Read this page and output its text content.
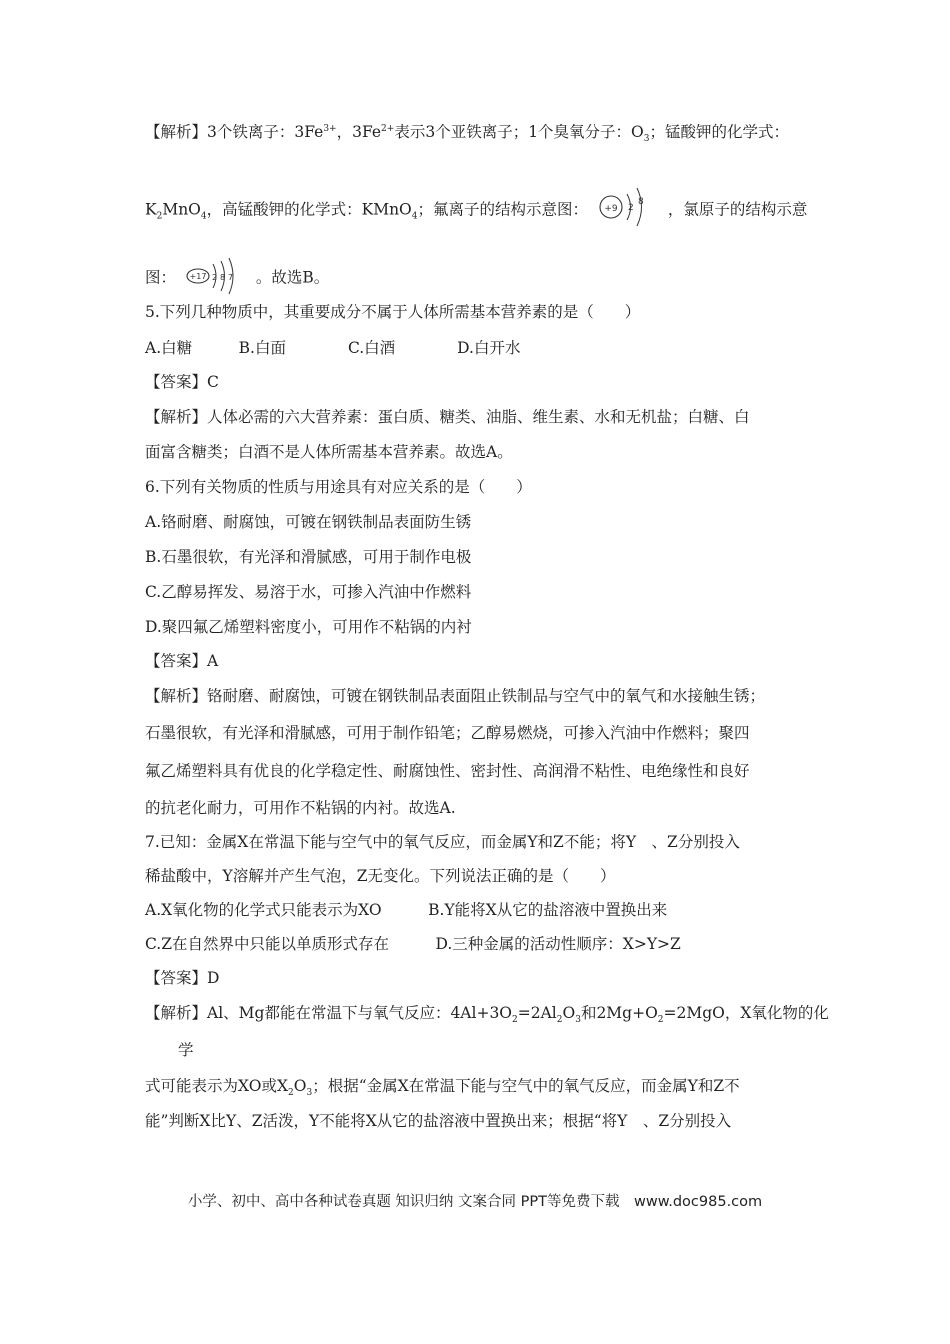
【解析】3个铁离子：$3Fe^{3+}$，$3Fe^{2+}$表示3个亚铁离子；1个臭氧分子：$O_3$；锰酸钾的化学式：
$K_2MnO_4$，高锰酸钾的化学式：KMnO$_4$；氟离子的结构示意图： +9 2
8 ，氯原子的结构示意
图： +17 2 8 7 。故选B。
5.下列几种物质中，其重要成分不属于人体所需基本营养素的是（　　）
A.白糖　　　B.白面　　　　C.白酒　　　　D.白开水
【答案】C
【解析】人体必需的六大营养素：蛋白质、糖类、油脂、维生素、水和无机盐；白糖、白
面富含糖类；白酒不是人体所需基本营养素。故选A。
6.下列有关物质的性质与用途具有对应关系的是（　　）
A.铬耐磨、耐腐蚀，可镀在钢铁制品表面防生锈
B.石墨很软，有光泽和滑腻感，可用于制作电极
C.乙醇易挥发、易溶于水，可掺入汽油中作燃料
D.聚四氟乙烯塑料密度小，可用作不粘锅的内衬
【答案】A
【解析】铬耐磨、耐腐蚀，可镀在钢铁制品表面阻止铁制品与空气中的氧气和水接触生锈；
石墨很软，有光泽和滑腻感，可用于制作铅笔；乙醇易燃烧，可掺入汽油中作燃料；聚四
氟乙烯塑料具有优良的化学稳定性、耐腐蚀性、密封性、高润滑不粘性、电绝缘性和良好
的抗老化耐力，可用作不粘锅的内衬。故选A.
7.已知：金属X在常温下能与空气中的氧气反应，而金属Y和Z不能；将Y　、Z分别投入
稀盐酸中，Y溶解并产生气泡，Z无变化。下列说法正确的是（　　）
A.X氧化物的化学式只能表示为XO　　　B.Y能将X从它的盐溶液中置换出来
C.Z在自然界中只能以单质形式存在　　　D.三种金属的活动性顺序：X>Y>Z
【答案】D
【解析】Al、Mg都能在常温下与氧气反应：$4Al+3O_2=2Al_2O_3$和$2Mg+O_2=2MgO$，X氧化物的化
学
式可能表示为XO或$X_2O_3$；根据“金属X在常温下能与空气中的氧气反应，而金属Y和Z不
能”判断X比Y、Z活泼，Y不能将X从它的盐溶液中置换出来；根据“将Y　、Z分别投入
小学、初中、高中各种试卷真题 知识归纳 文案合同 PPT等免费下载　www.doc985.com
